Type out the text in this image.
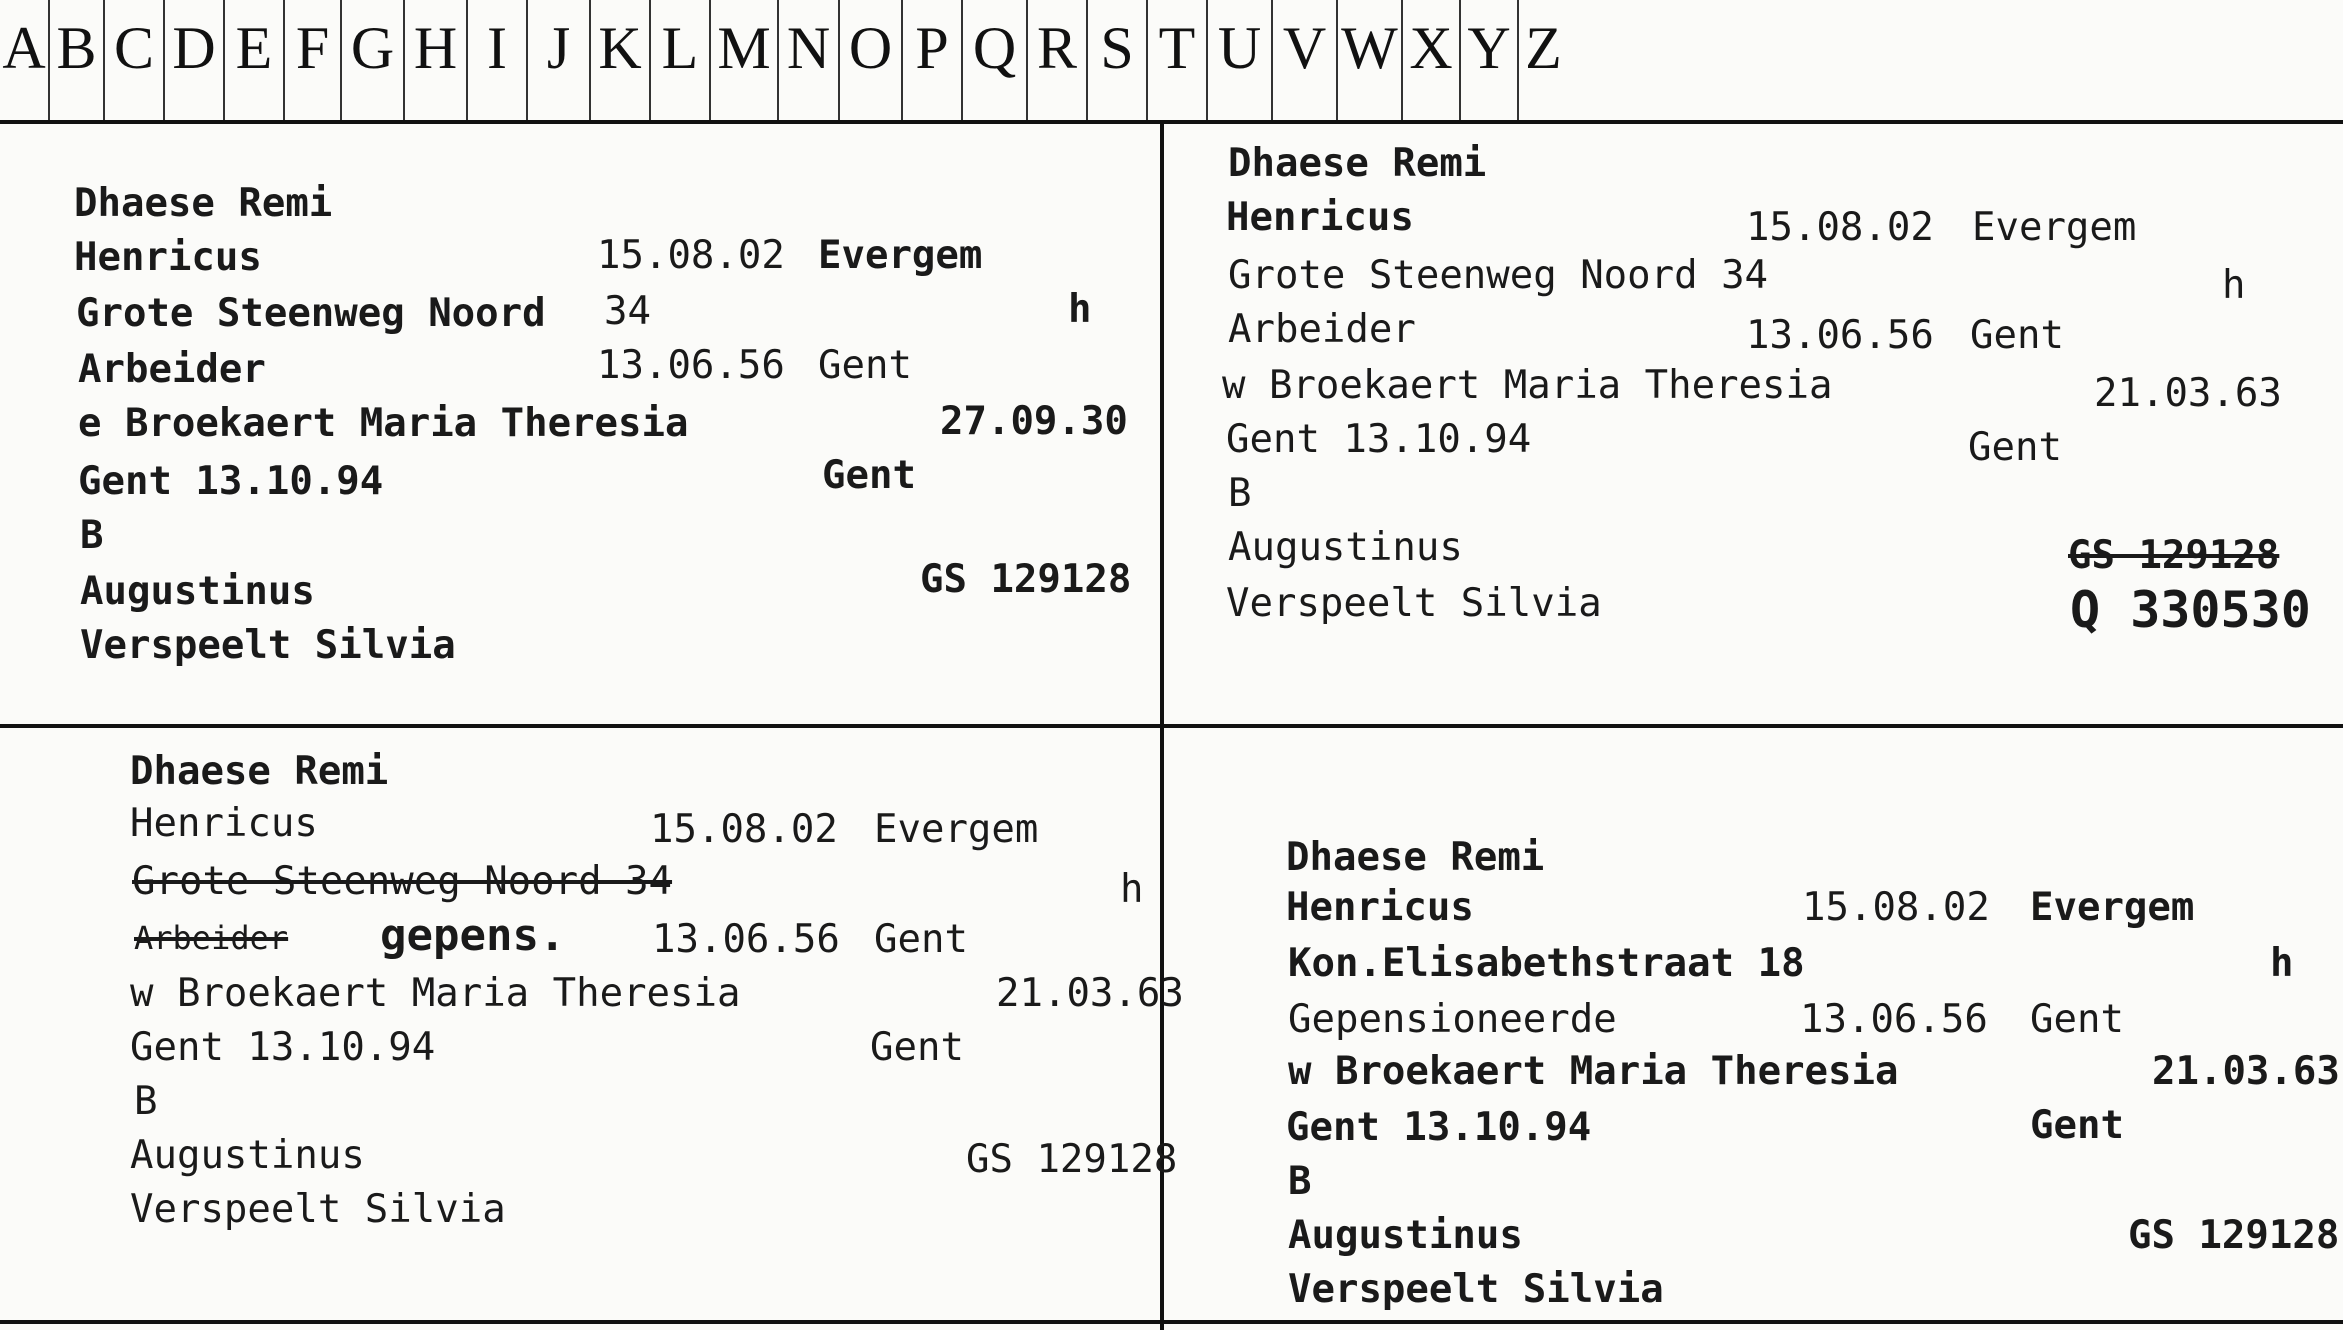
A B C D E F G H I J K L M N O P Q R S T U V W X Y Z
Dhaese Remi
Henricus	15.08.02 Evergem
Grote Steenweg Noord 34	h
Arbeider	13.06.56 Gent
e Broekaert Maria Theresia	27.09.30
Gent 13.10.94	Gent
B
Augustinus	GS 129128
Verspeelt Silvia
Dhaese Remi
Henricus	15.08.02 Evergem
Grote Steenweg Noord 34	h
Arbeider	13.06.56 Gent
w Broekaert Maria Theresia	21.03.63
Gent 13.10.94	Gent
B
Augustinus	GS 129128
Verspeelt Silvia	Q 330530
Dhaese Remi
Henricus	15.08.02 Evergem
Grote Steenweg Noord 34	h
Arbeider gepens. 13.06.56 Gent
w Broekaert Maria Theresia	21.03.63
Gent 13.10.94	Gent
B
Augustinus	GS 129128
Verspeelt Silvia
Dhaese Remi
Henricus	15.08.02 Evergem
Kon.Elisabethstraat 18	h
Gepensioneerde	13.06.56 Gent
w Broekaert Maria Theresia	21.03.63
Gent 13.10.94	Gent
B
Augustinus	GS 129128
Verspeelt Silvia
